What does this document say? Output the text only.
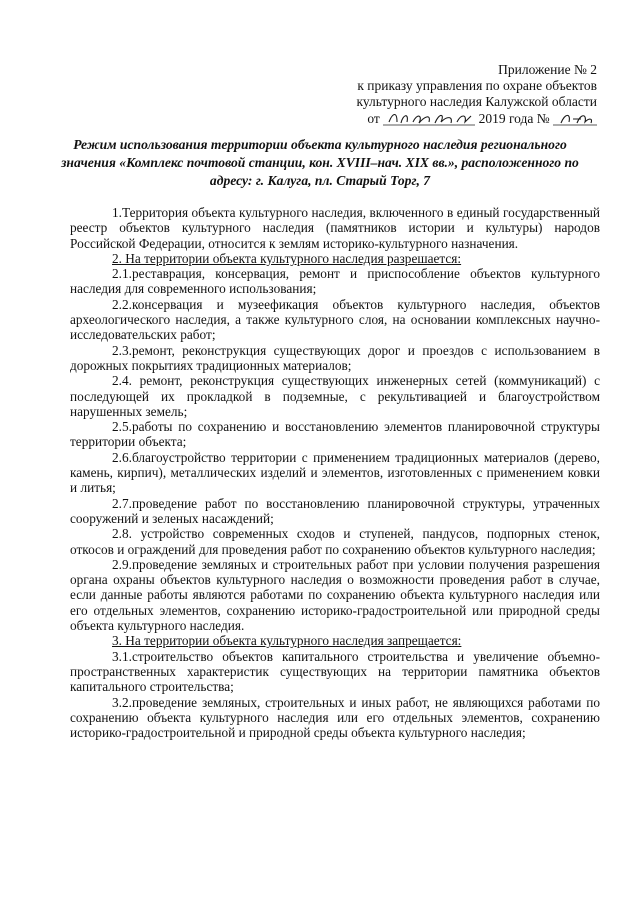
Приложение № 2
к приказу управления по охране объектов
культурного наследия Калужской области
от	2019 года №
Режим использования территории объекта культурного наследия регионального значения «Комплекс почтовой станции, кон. XVIII–нач. XIX вв.», расположенного по адресу: г. Калуга, пл. Старый Торг, 7

1.Территория объекта культурного наследия, включенного в единый государственный реестр объектов культурного наследия (памятников истории и культуры) народов Российской Федерации, относится к землям историко-культурного назначения.

2. На территории объекта культурного наследия разрешается:

2.1.реставрация, консервация, ремонт и приспособление объектов культурного наследия для современного использования;

2.2.консервация и музеефикация объектов культурного наследия, объектов археологического наследия, а также культурного слоя, на основании комплексных научно-исследовательских работ;

2.3.ремонт, реконструкция существующих дорог и проездов с использованием в дорожных покрытиях традиционных материалов;

2.4. ремонт, реконструкция существующих инженерных сетей (коммуникаций) с последующей их прокладкой в подземные, с рекультивацией и благоустройством нарушенных земель;

2.5.работы по сохранению и восстановлению элементов планировочной структуры территории объекта;

2.6.благоустройство территории с применением традиционных материалов (дерево, камень, кирпич), металлических изделий и элементов, изготовленных с применением ковки и литья;

2.7.проведение работ по восстановлению планировочной структуры, утраченных сооружений и зеленых насаждений;

2.8. устройство современных сходов и ступеней, пандусов, подпорных стенок, откосов и ограждений для проведения работ по сохранению объектов культурного наследия;

2.9.проведение земляных и строительных работ при условии получения разрешения органа охраны объектов культурного наследия о возможности проведения работ в случае, если данные работы являются работами по сохранению объекта культурного наследия или его отдельных элементов, сохранению историко-градостроительной или природной среды объекта культурного наследия.

3. На территории объекта культурного наследия запрещается:

3.1.строительство объектов капитального строительства и увеличение объемно-пространственных характеристик существующих на территории памятника объектов капитального строительства;

3.2.проведение земляных, строительных и иных работ, не являющихся работами по сохранению объекта культурного наследия или его отдельных элементов, сохранению историко-градостроительной и природной среды объекта культурного наследия;
